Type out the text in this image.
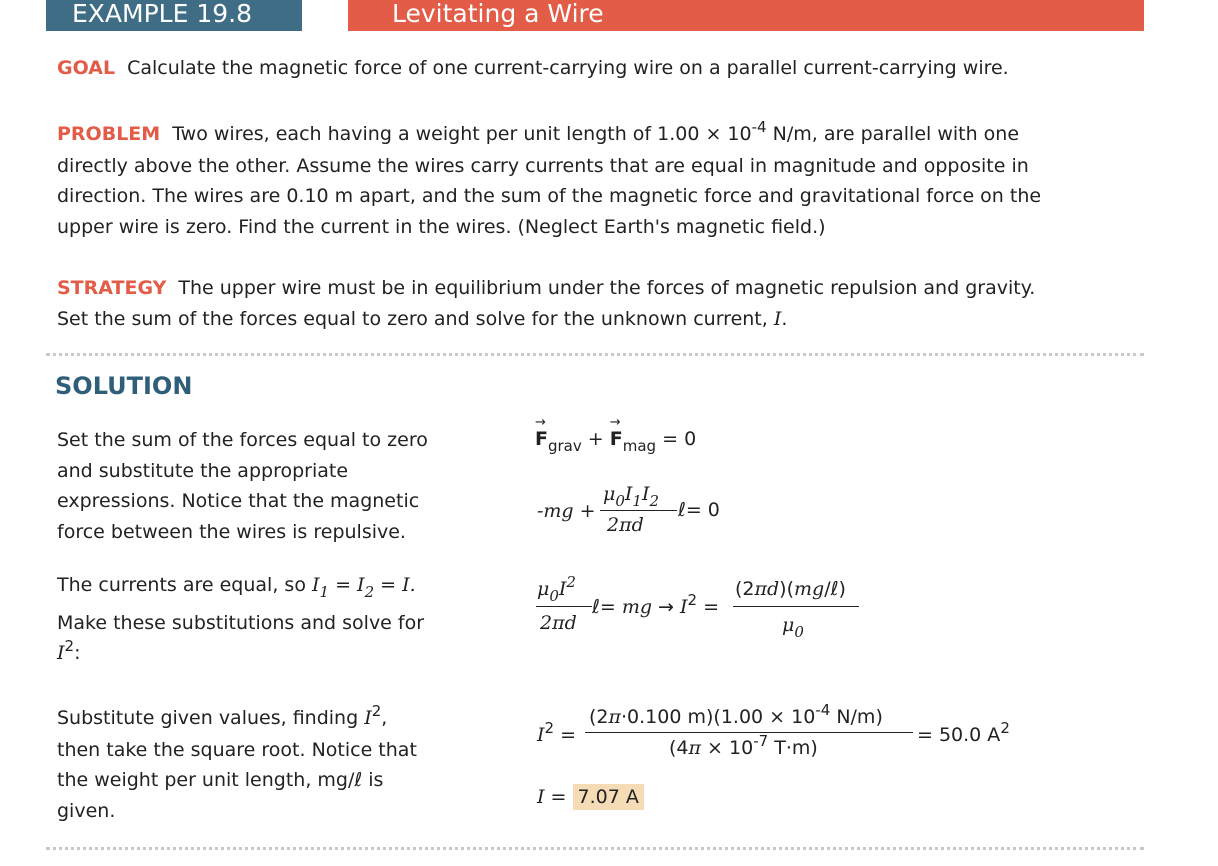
EXAMPLE 19.8	Levitating a Wire
GOAL Calculate the magnetic force of one current-carrying wire on a parallel current-carrying wire.
PROBLEM Two wires, each having a weight per unit length of $1.00 \times 10^{-4}$ N/m, are parallel with one
directly above the other. Assume the wires carry currents that are equal in magnitude and opposite in
direction. The wires are 0.10 m apart, and the sum of the magnetic force and gravitational force on the
upper wire is zero. Find the current in the wires. (Neglect Earth's magnetic field.)
STRATEGY The upper wire must be in equilibrium under the forces of magnetic repulsion and gravity.
Set the sum of the forces equal to zero and solve for the unknown current, I.
SOLUTION
Set the sum of the forces equal to zero
and substitute the appropriate
expressions. Notice that the magnetic
force between the wires is repulsive.
→
$F_{grav}$ +
→
$F_{mag} = 0$
-mg +
$\mu_0I_1I_2$
2πd
ℓ= 0
The currents are equal, so $I_1 = I_2 = I$.
Make these substitutions and solve for
$I^2$:
$\mu_0I^2$
2πd
ℓ= mg → $I^2$ =
(2πd)(mg/ℓ)
$\mu_0$
Substitute given values, finding $I^2$,
then take the square root. Notice that
the weight per unit length, mg/ℓ is
given.
$I^2$ =
(2π·0.100 $m)(1.00 \times 10^{-4}$ N/m)
($4\pi \times 10^{-7}$ T·m)
= 50.0 $A^2$
I = 7.07 A
